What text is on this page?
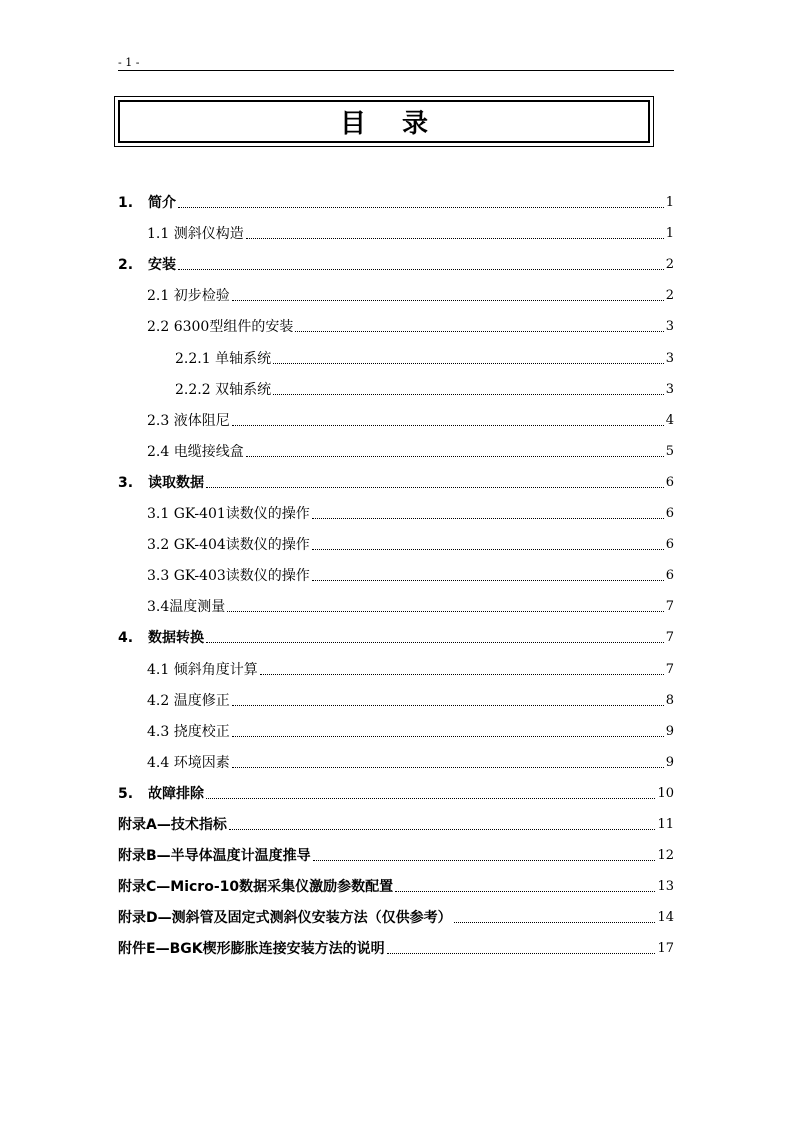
- 1 -
目录
1.	简介	1
1.1 测斜仪构造	1
2.	安装	2
2.1 初步检验	2
2.2 6300型组件的安装	3
2.2.1 单轴系统	3
2.2.2 双轴系统	3
2.3 液体阻尼	4
2.4 电缆接线盒	5
3.	读取数据	6
3.1 GK-401读数仪的操作	6
3.2 GK-404读数仪的操作	6
3.3 GK-403读数仪的操作	6
3.4温度测量	7
4.	数据转换	7
4.1 倾斜角度计算	7
4.2 温度修正	8
4.3 挠度校正	9
4.4 环境因素	9
5.	故障排除	10
附录A—技术指标	11
附录B—半导体温度计温度推导	12
附录C—Micro-10数据采集仪激励参数配置	13
附录D—测斜管及固定式测斜仪安装方法（仅供参考）	14
附件E—BGK楔形膨胀连接安装方法的说明	17
